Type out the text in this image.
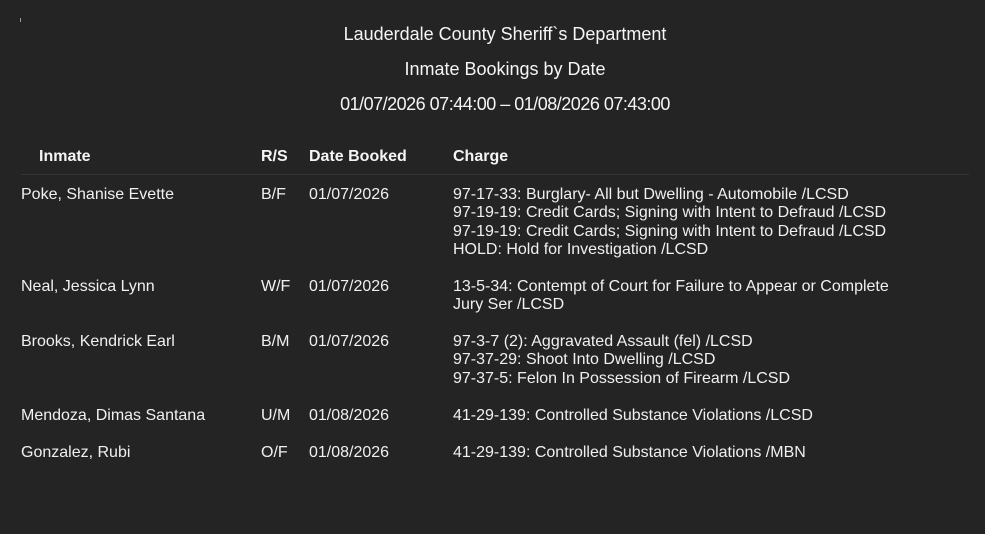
Lauderdale County Sheriff`s Department
Inmate Bookings by Date
01/07/2026 07:44:00 – 01/08/2026 07:43:00
Inmate	R/S Date Booked	Charge
Poke, Shanise Evette	B/F 01/07/2026	97-17-33: Burglary- All but Dwelling - Automobile /LCSD
97-19-19: Credit Cards; Signing with Intent to Defraud /LCSD
97-19-19: Credit Cards; Signing with Intent to Defraud /LCSD
HOLD: Hold for Investigation /LCSD
Neal, Jessica Lynn	W/F 01/07/2026	13-5-34: Contempt of Court for Failure to Appear or Complete
Jury Ser /LCSD
Brooks, Kendrick Earl	B/M 01/07/2026	97-3-7 (2): Aggravated Assault (fel) /LCSD
97-37-29: Shoot Into Dwelling /LCSD
97-37-5: Felon In Possession of Firearm /LCSD
Mendoza, Dimas Santana	U/M 01/08/2026	41-29-139: Controlled Substance Violations /LCSD
Gonzalez, Rubi	O/F 01/08/2026	41-29-139: Controlled Substance Violations /MBN
